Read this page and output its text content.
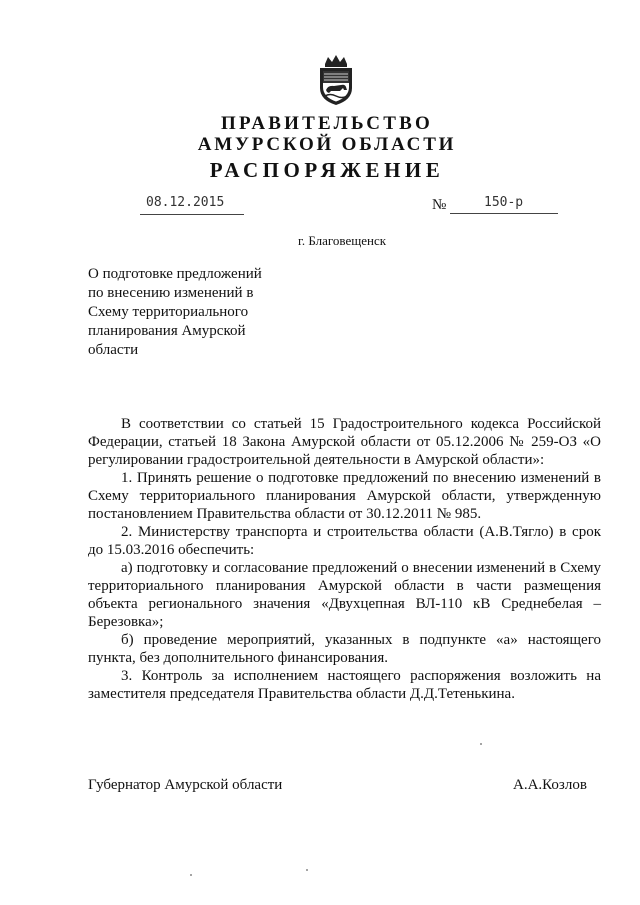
ПРАВИТЕЛЬСТВО
АМУРСКОЙ ОБЛАСТИ
РАСПОРЯЖЕНИЕ
08.12.2015	№	150-р
г. Благовещенск
О подготовке предложений
по внесению изменений в
Схему территориального
планирования Амурской
области

В соответствии со статьей 15 Градостроительного кодекса Российской Федерации, статьей 18 Закона Амурской области от 05.12.2006 № 259-ОЗ «О регулировании градостроительной деятельности в Амурской области»:

1. Принять решение о подготовке предложений по внесению изменений в Схему территориального планирования Амурской области, утвержденную постановлением Правительства области от 30.12.2011 № 985.

2. Министерству транспорта и строительства области (А.В.Тягло) в срок до 15.03.2016 обеспечить:

а) подготовку и согласование предложений о внесении изменений в Схему территориального планирования Амурской области в части размещения объекта регионального значения «Двухцепная ВЛ-110 кВ Среднебелая – Березовка»;

б) проведение мероприятий, указанных в подпункте «а» настоящего пункта, без дополнительного финансирования.

3. Контроль за исполнением настоящего распоряжения возложить на заместителя председателя Правительства области Д.Д.Тетенькина.

Губернатор Амурской области	А.А.Козлов
